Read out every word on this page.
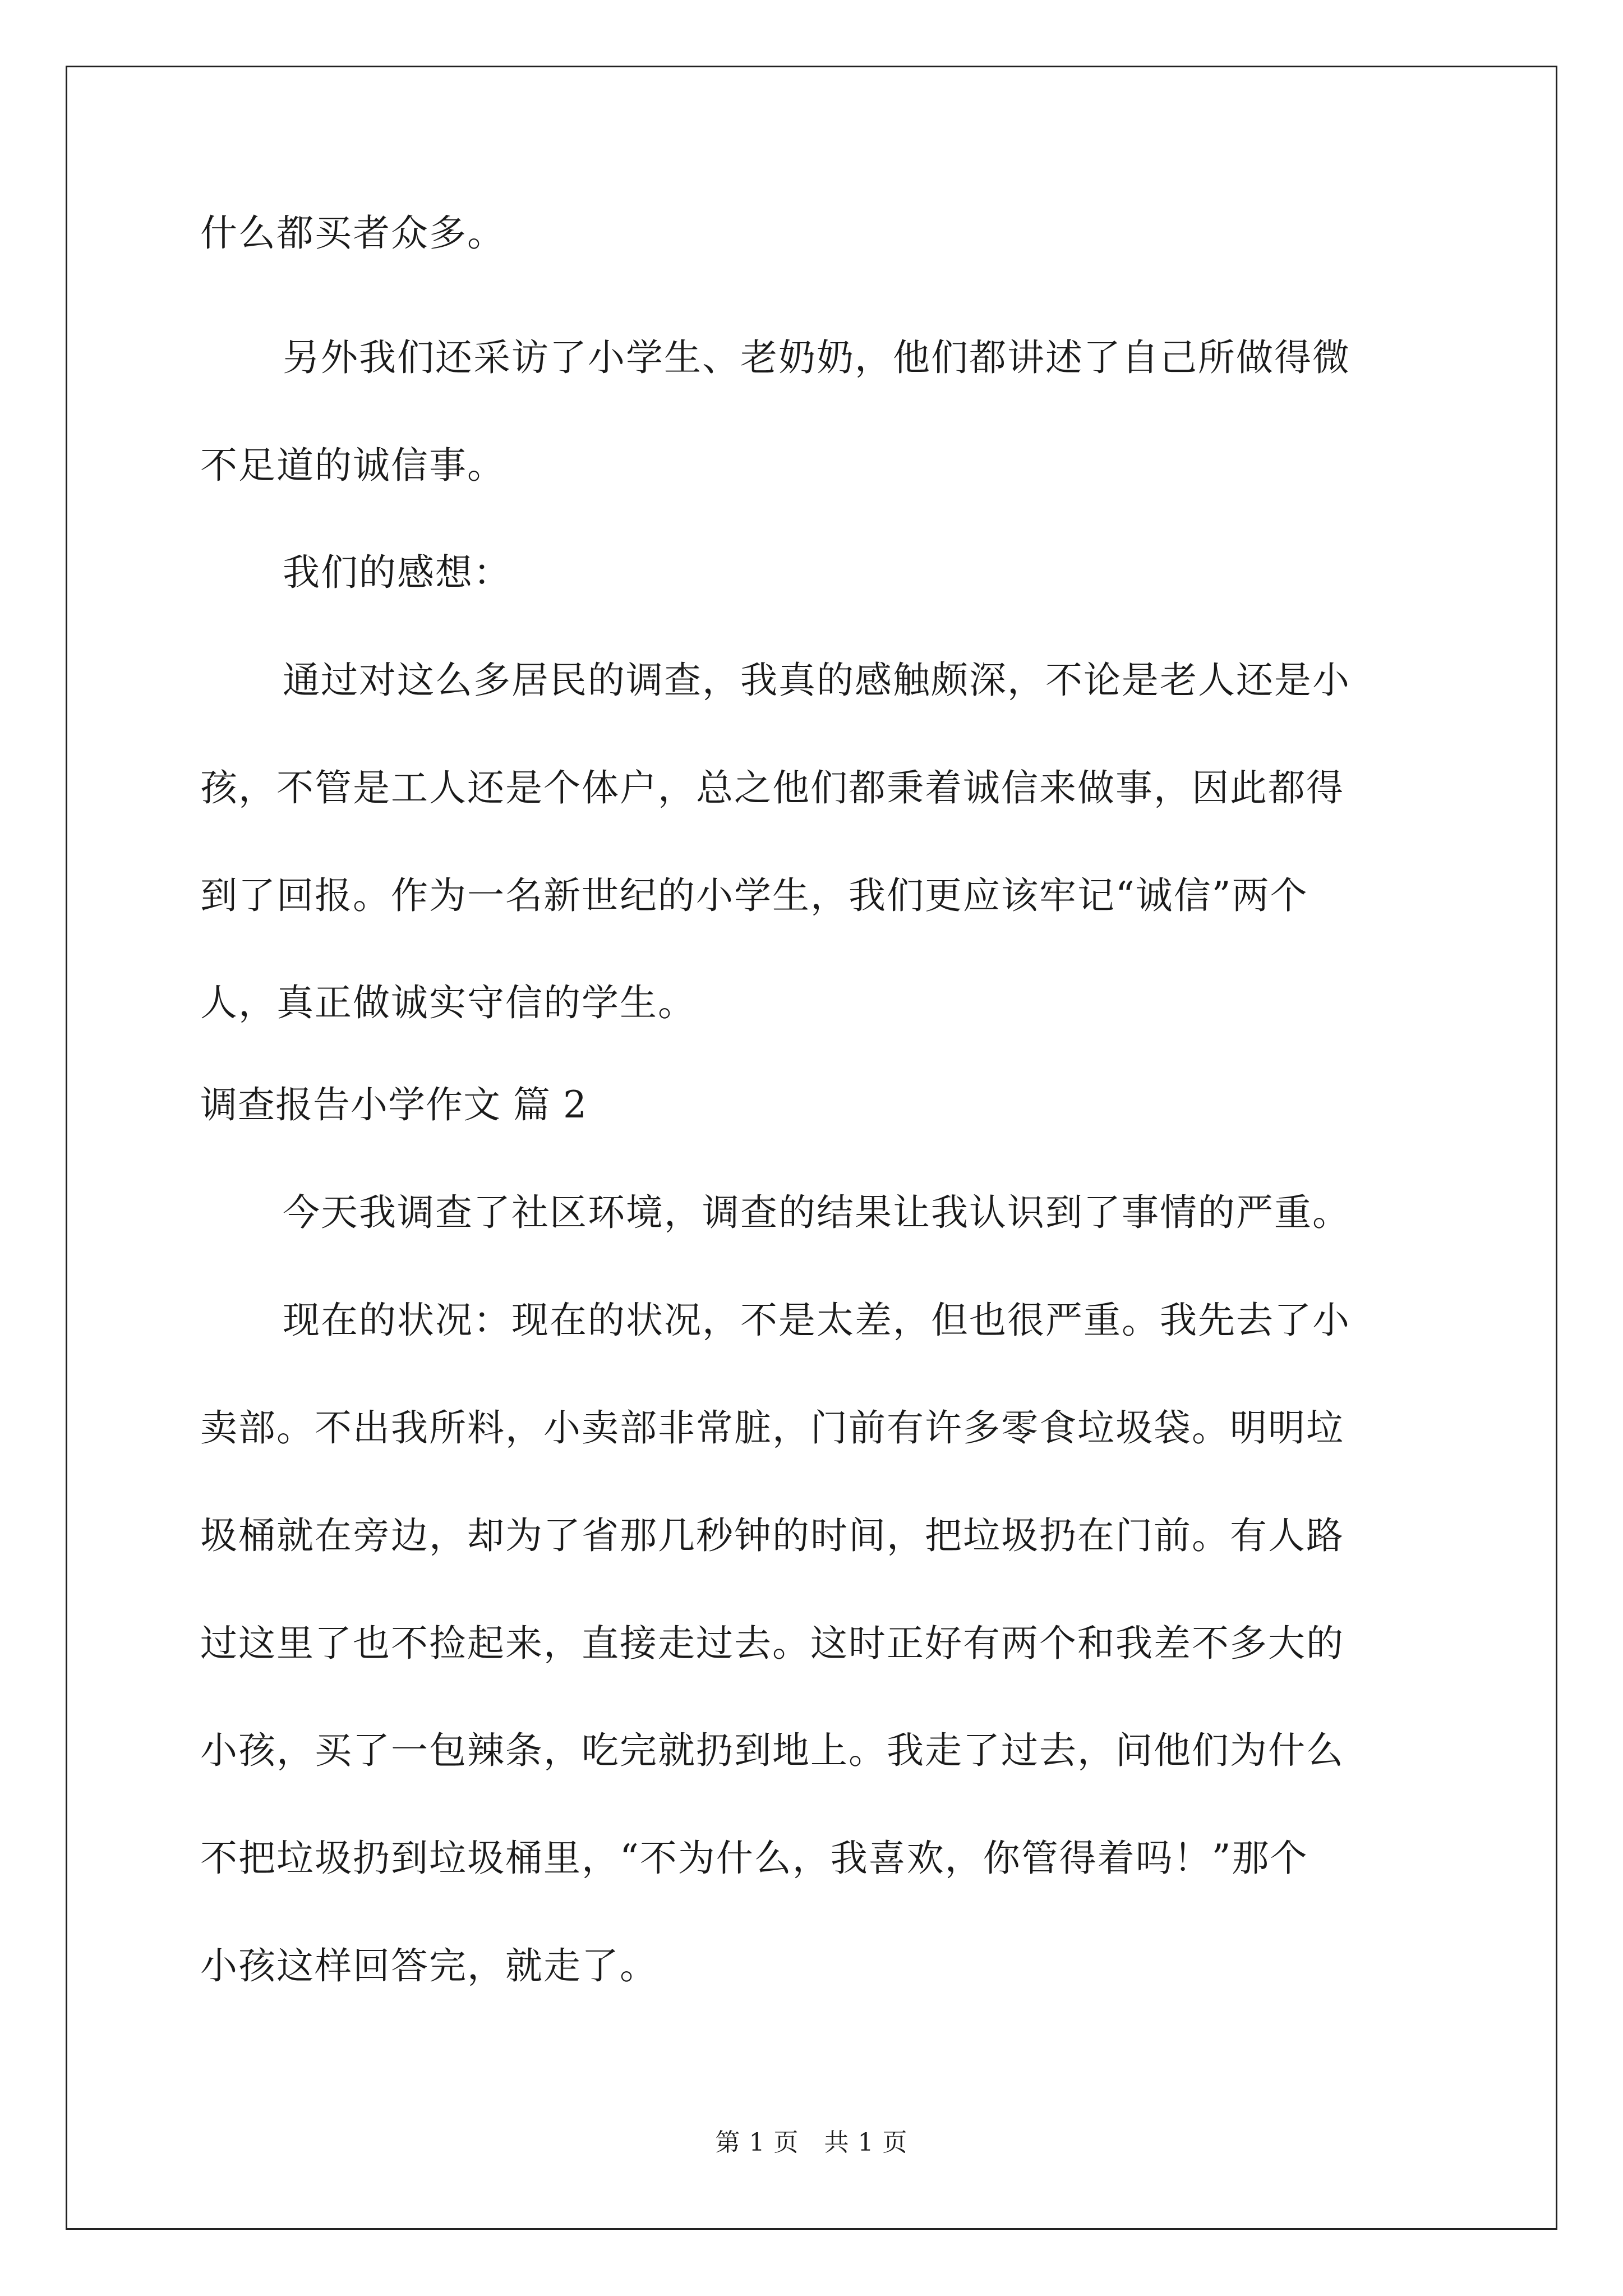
什么都买者众多。
另外我们还采访了小学生、老奶奶，他们都讲述了自己所做得微
不足道的诚信事。
我们的感想：
通过对这么多居民的调查，我真的感触颇深，不论是老人还是小
孩，不管是工人还是个体户，总之他们都秉着诚信来做事，因此都得
到了回报。作为一名新世纪的小学生，我们更应该牢记“诚信”两个
人，真正做诚实守信的学生。
调查报告小学作文 篇 2
今天我调查了社区环境，调查的结果让我认识到了事情的严重。
现在的状况：现在的状况，不是太差，但也很严重。我先去了小
卖部。不出我所料，小卖部非常脏，门前有许多零食垃圾袋。明明垃
圾桶就在旁边，却为了省那几秒钟的时间，把垃圾扔在门前。有人路
过这里了也不捡起来，直接走过去。这时正好有两个和我差不多大的
小孩，买了一包辣条，吃完就扔到地上。我走了过去，问他们为什么
不把垃圾扔到垃圾桶里，“不为什么，我喜欢，你管得着吗！”那个
小孩这样回答完，就走了。
第 1 页　共 1 页
